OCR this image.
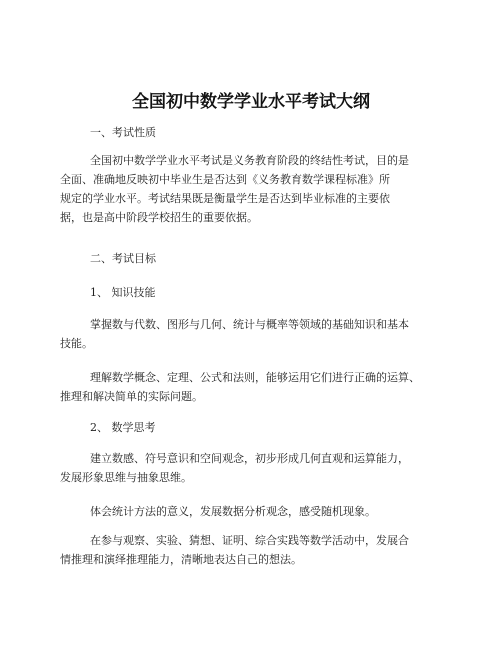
全国初中数学学业水平考试大纲
一、考试性质
全国初中数学学业水平考试是义务教育阶段的终结性考试，目的是
全面、准确地反映初中毕业生是否达到《义务教育数学课程标准》所
规定的学业水平。考试结果既是衡量学生是否达到毕业标准的主要依
据，也是高中阶段学校招生的重要依据。
二、考试目标
1、 知识技能
掌握数与代数、图形与几何、统计与概率等领域的基础知识和基本
技能。
理解数学概念、定理、公式和法则，能够运用它们进行正确的运算、
推理和解决简单的实际问题。
2、 数学思考
建立数感、符号意识和空间观念，初步形成几何直观和运算能力，
发展形象思维与抽象思维。
体会统计方法的意义，发展数据分析观念，感受随机现象。
在参与观察、实验、猜想、证明、综合实践等数学活动中，发展合
情推理和演绎推理能力，清晰地表达自己的想法。
